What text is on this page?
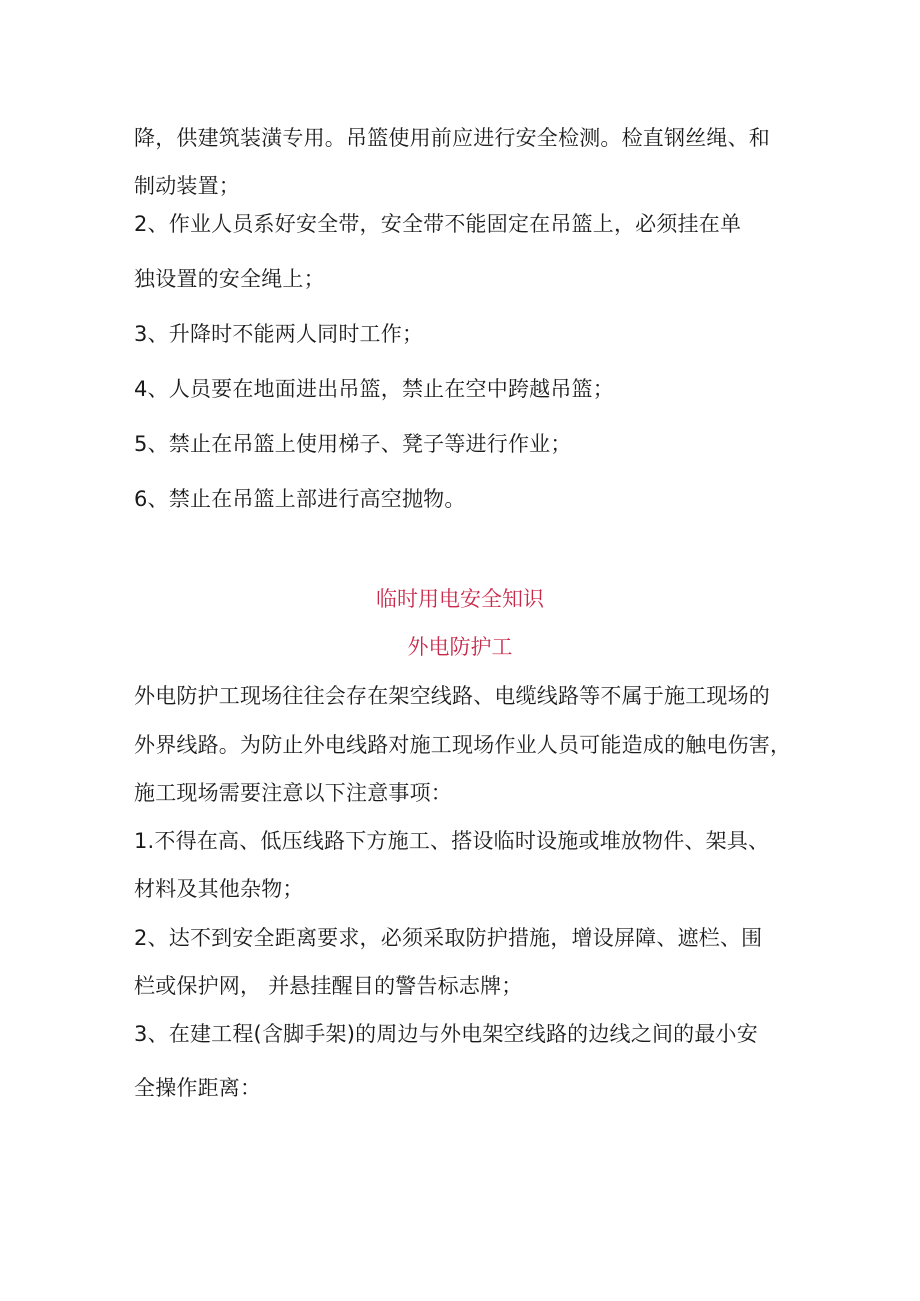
降，供建筑装潢专用。吊篮使用前应进行安全检测。检直钢丝绳、和
制动装置；
2、作业人员系好安全带，安全带不能固定在吊篮上，必须挂在单
独设置的安全绳上；
3、升降时不能两人同时工作；
4、人员要在地面进出吊篮，禁止在空中跨越吊篮；
5、禁止在吊篮上使用梯子、凳子等进行作业；
6、禁止在吊篮上部进行高空抛物。
临时用电安全知识
外电防护工
外电防护工现场往往会存在架空线路、电缆线路等不属于施工现场的
外界线路。为防止外电线路对施工现场作业人员可能造成的触电伤害，
施工现场需要注意以下注意事项：
1.不得在高、低压线路下方施工、搭设临时设施或堆放物件、架具、
材料及其他杂物；
2、达不到安全距离要求，必须采取防护措施，增设屏障、遮栏、围
栏或保护网， 并悬挂醒目的警告标志牌；
3、在建工程(含脚手架)的周边与外电架空线路的边线之间的最小安
全操作距离：
